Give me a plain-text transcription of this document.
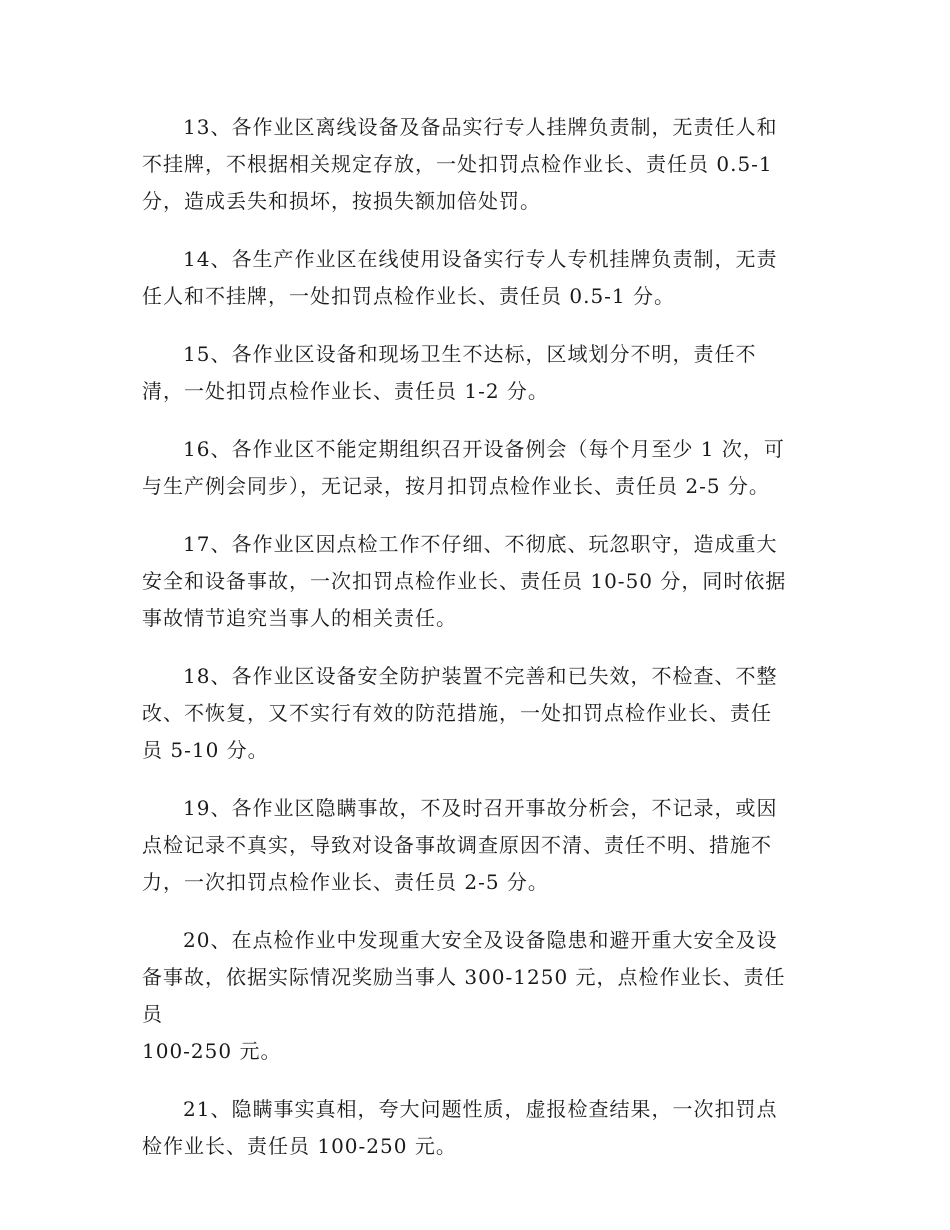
13、各作业区离线设备及备品实行专人挂牌负责制，无责任人和
不挂牌，不根据相关规定存放，一处扣罚点检作业长、责任员 0.5-1
分，造成丢失和损坏，按损失额加倍处罚。

14、各生产作业区在线使用设备实行专人专机挂牌负责制，无责
任人和不挂牌，一处扣罚点检作业长、责任员 0.5-1 分。

15、各作业区设备和现场卫生不达标，区域划分不明，责任不
清，一处扣罚点检作业长、责任员 1-2 分。

16、各作业区不能定期组织召开设备例会（每个月至少 1 次，可
与生产例会同步），无记录，按月扣罚点检作业长、责任员 2-5 分。

17、各作业区因点检工作不仔细、不彻底、玩忽职守，造成重大
安全和设备事故，一次扣罚点检作业长、责任员 10-50 分，同时依据
事故情节追究当事人的相关责任。

18、各作业区设备安全防护装置不完善和已失效，不检查、不整
改、不恢复，又不实行有效的防范措施，一处扣罚点检作业长、责任
员 5-10 分。

19、各作业区隐瞒事故，不及时召开事故分析会，不记录，或因
点检记录不真实，导致对设备事故调查原因不清、责任不明、措施不
力，一次扣罚点检作业长、责任员 2-5 分。

20、在点检作业中发现重大安全及设备隐患和避开重大安全及设
备事故，依据实际情况奖励当事人 300-1250 元，点检作业长、责任员
100-250 元。

21、隐瞒事实真相，夸大问题性质，虚报检查结果，一次扣罚点
检作业长、责任员 100-250 元。
